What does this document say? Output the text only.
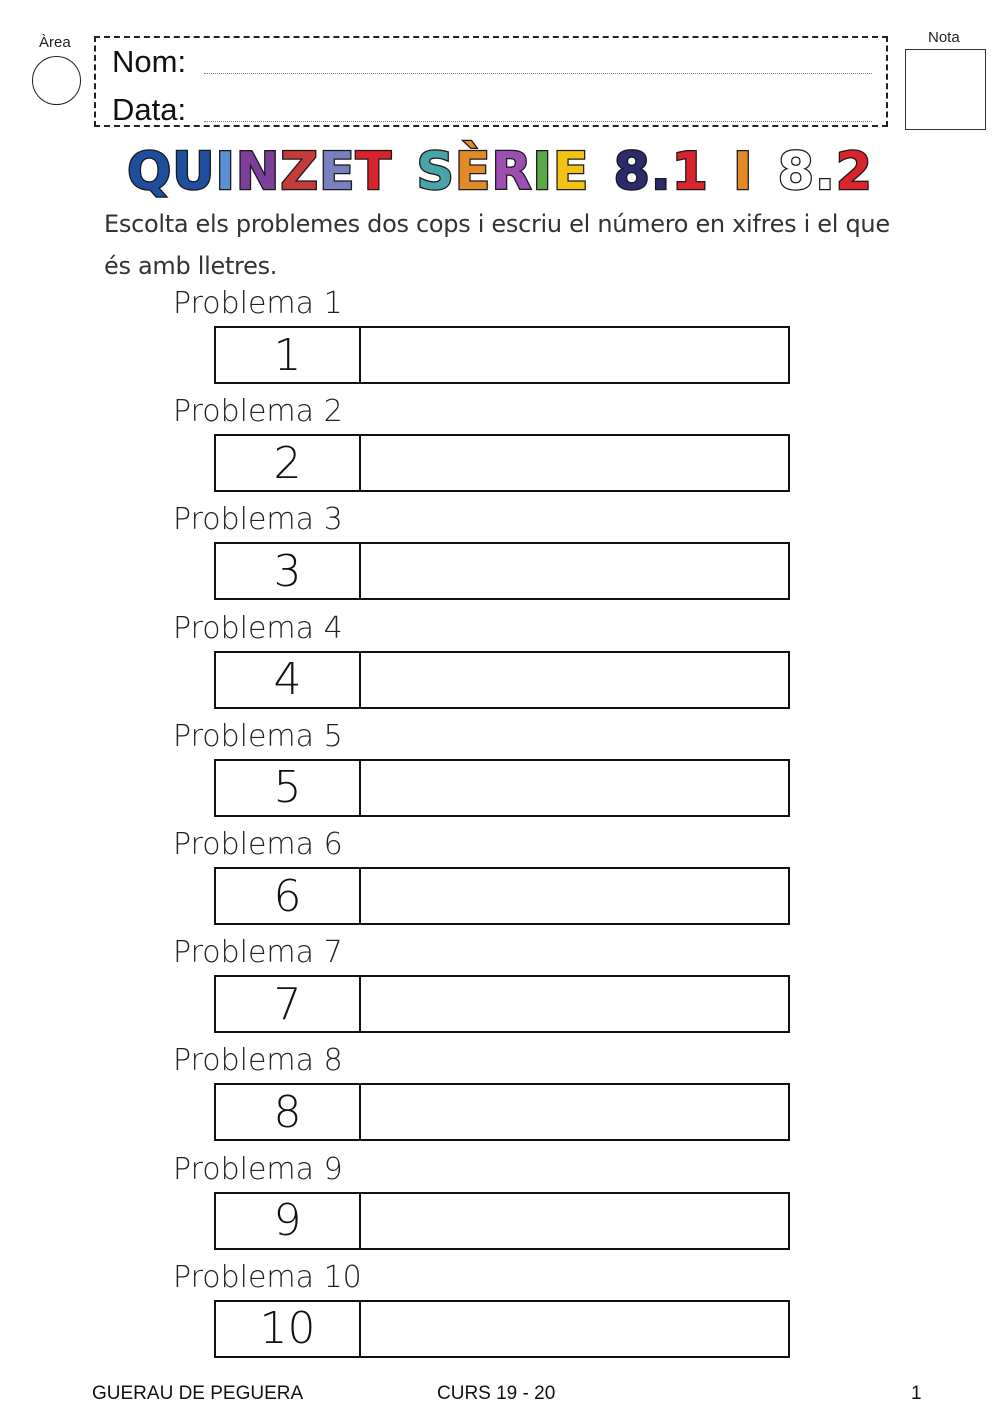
Àrea
Nom:
Data:
Nota
QUINZET SÈRIE 8.1 I 8.2
Escolta els problemes dos cops i escriu el número en xifres i el que és amb lletres.
Problema 1
1
Problema 2
2
Problema 3
3
Problema 4
4
Problema 5
5
Problema 6
6
Problema 7
7
Problema 8
8
Problema 9
9
Problema 10
10
GUERAU DE PEGUERA	CURS 19 - 20	1
